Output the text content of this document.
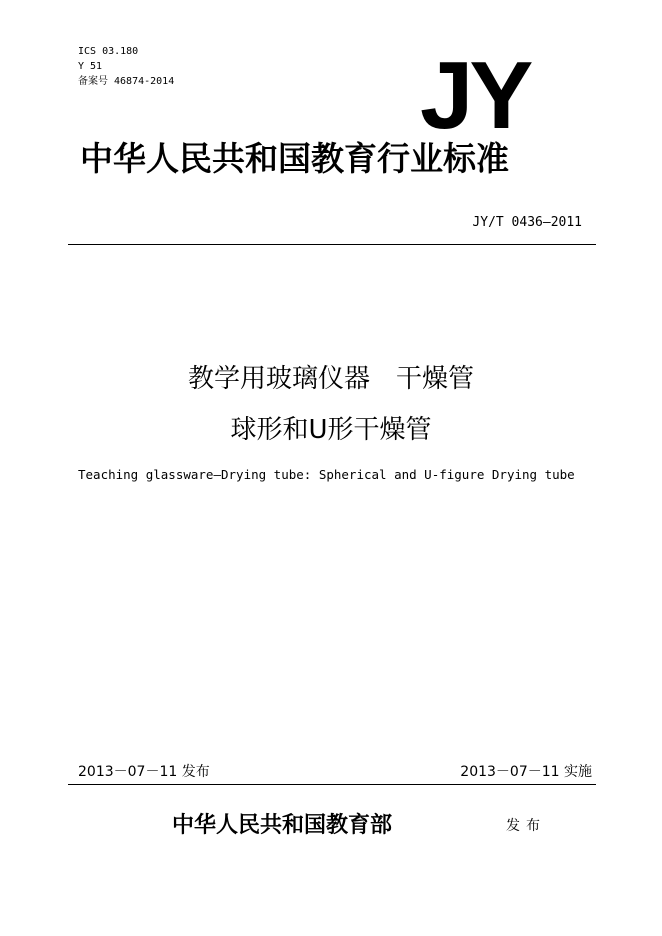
ICS 03.180
Y 51
备案号 46874-2014	JY
中华人民共和国教育行业标准
JY/T 0436—2011
教学用玻璃仪器　干燥管
球形和U形干燥管
Teaching glassware—Drying tube: Spherical and U-figure Drying tube
2013－07－11 发布	2013－07－11 实施
中华人民共和国教育部	发布
